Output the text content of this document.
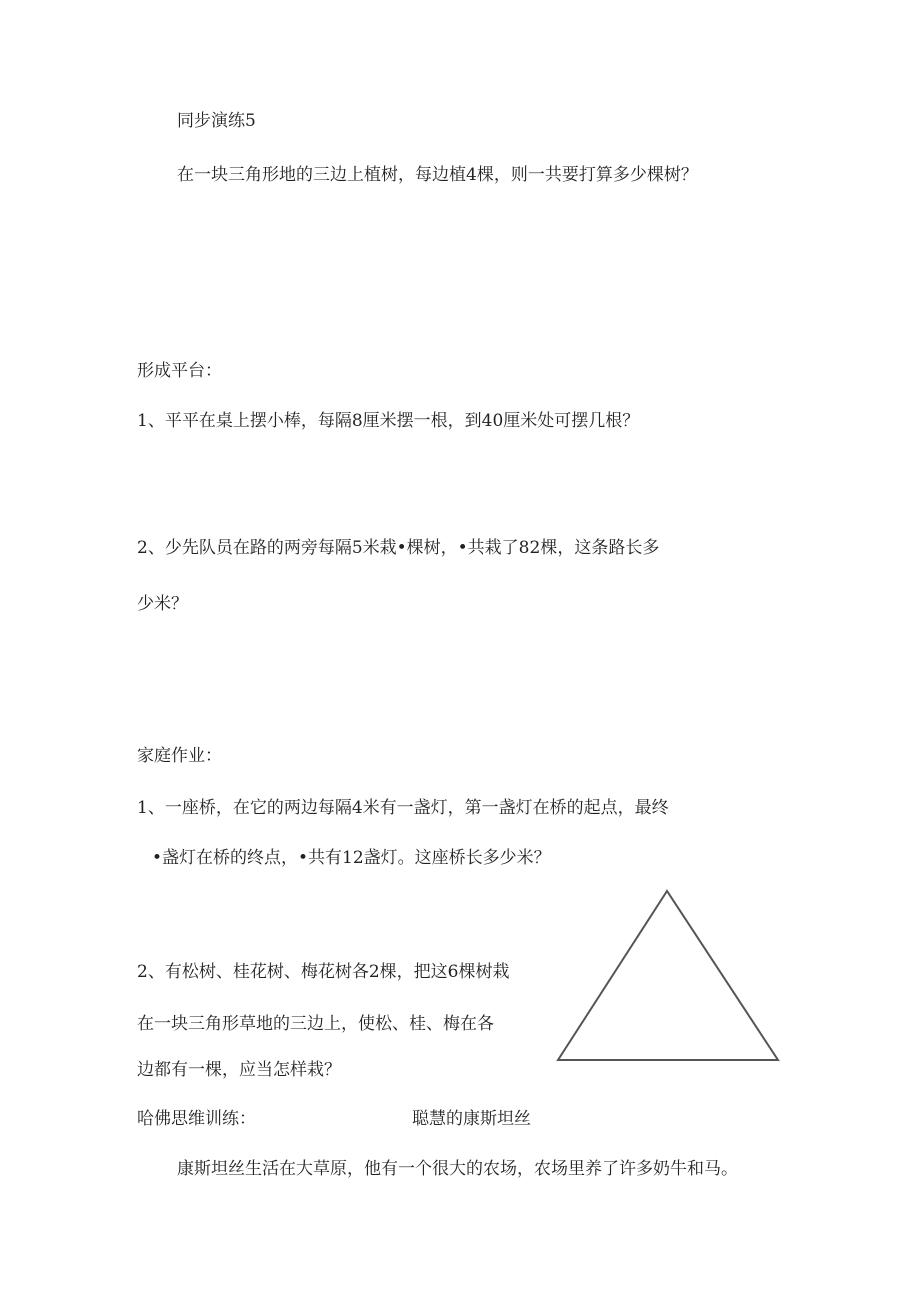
同步演练5
在一块三角形地的三边上植树，每边植4棵，则一共要打算多少棵树？
形成平台：
1、平平在桌上摆小棒，每隔8厘米摆一根，到40厘米处可摆几根？
2、少先队员在路的两旁每隔5米栽•棵树，•共栽了82棵，这条路长多
少米？
家庭作业：
1、一座桥，在它的两边每隔4米有一盏灯，第一盏灯在桥的起点，最终
•盏灯在桥的终点，•共有12盏灯。这座桥长多少米？
2、有松树、桂花树、梅花树各2棵，把这6棵树栽
在一块三角形草地的三边上，使松、桂、梅在各
边都有一棵，应当怎样栽？
哈佛思维训练：	聪慧的康斯坦丝
康斯坦丝生活在大草原，他有一个很大的农场，农场里养了许多奶牛和马。
